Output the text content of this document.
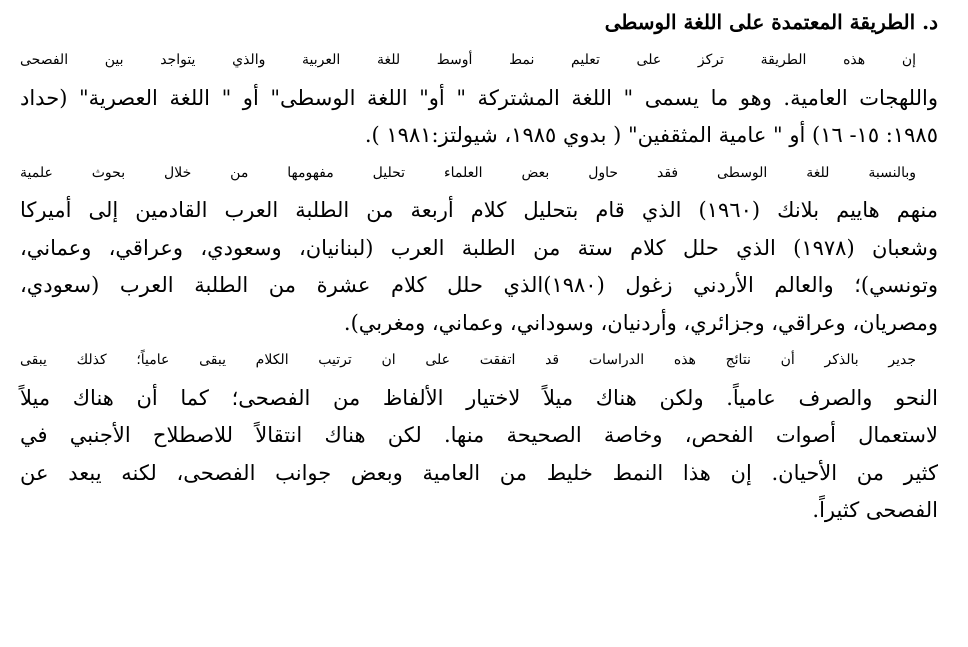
د. الطريقة المعتمدة على اللغة الوسطى

إن هذه الطريقة تركز على تعليم نمط أوسط للغة العربية والذي يتواجد بين الفصحى
واللهجات العامية. وهو ما يسمى " اللغة المشتركة " أو" اللغة الوسطى" أو " اللغة العصرية" (حداد
١٩٨٥: ١٥- ١٦) أو " عامية المثقفين" ( بدوي ١٩٨٥، شيولتز:١٩٨١ ).

وبالنسبة للغة الوسطى فقد حاول بعض العلماء تحليل مفهومها من خلال بحوث علمية
منهم هاييم بلانك (١٩٦٠) الذي قام بتحليل كلام أربعة من الطلبة العرب القادمين إلى أميركا
وشعبان (١٩٧٨) الذي حلل كلام ستة من الطلبة العرب (لبنانيان، وسعودي، وعراقي، وعماني،
وتونسي)؛ والعالم الأردني زغول (١٩٨٠)الذي حلل كلام عشرة من الطلبة العرب (سعودي،
ومصريان، وعراقي، وجزائري، وأردنيان، وسوداني، وعماني، ومغربي).

جدير بالذكر أن نتائج هذه الدراسات قد اتفقت على ان ترتيب الكلام يبقى عامياً؛ كذلك يبقى
النحو والصرف عامياً. ولكن هناك ميلاً لاختيار الألفاظ من الفصحى؛ كما أن هناك ميلاً
لاستعمال أصوات الفحص، وخاصة الصحيحة منها. لكن هناك انتقالاً للاصطلاح الأجنبي في
كثير من الأحيان. إن هذا النمط خليط من العامية وبعض جوانب الفصحى، لكنه يبعد عن
الفصحى كثيراً.
